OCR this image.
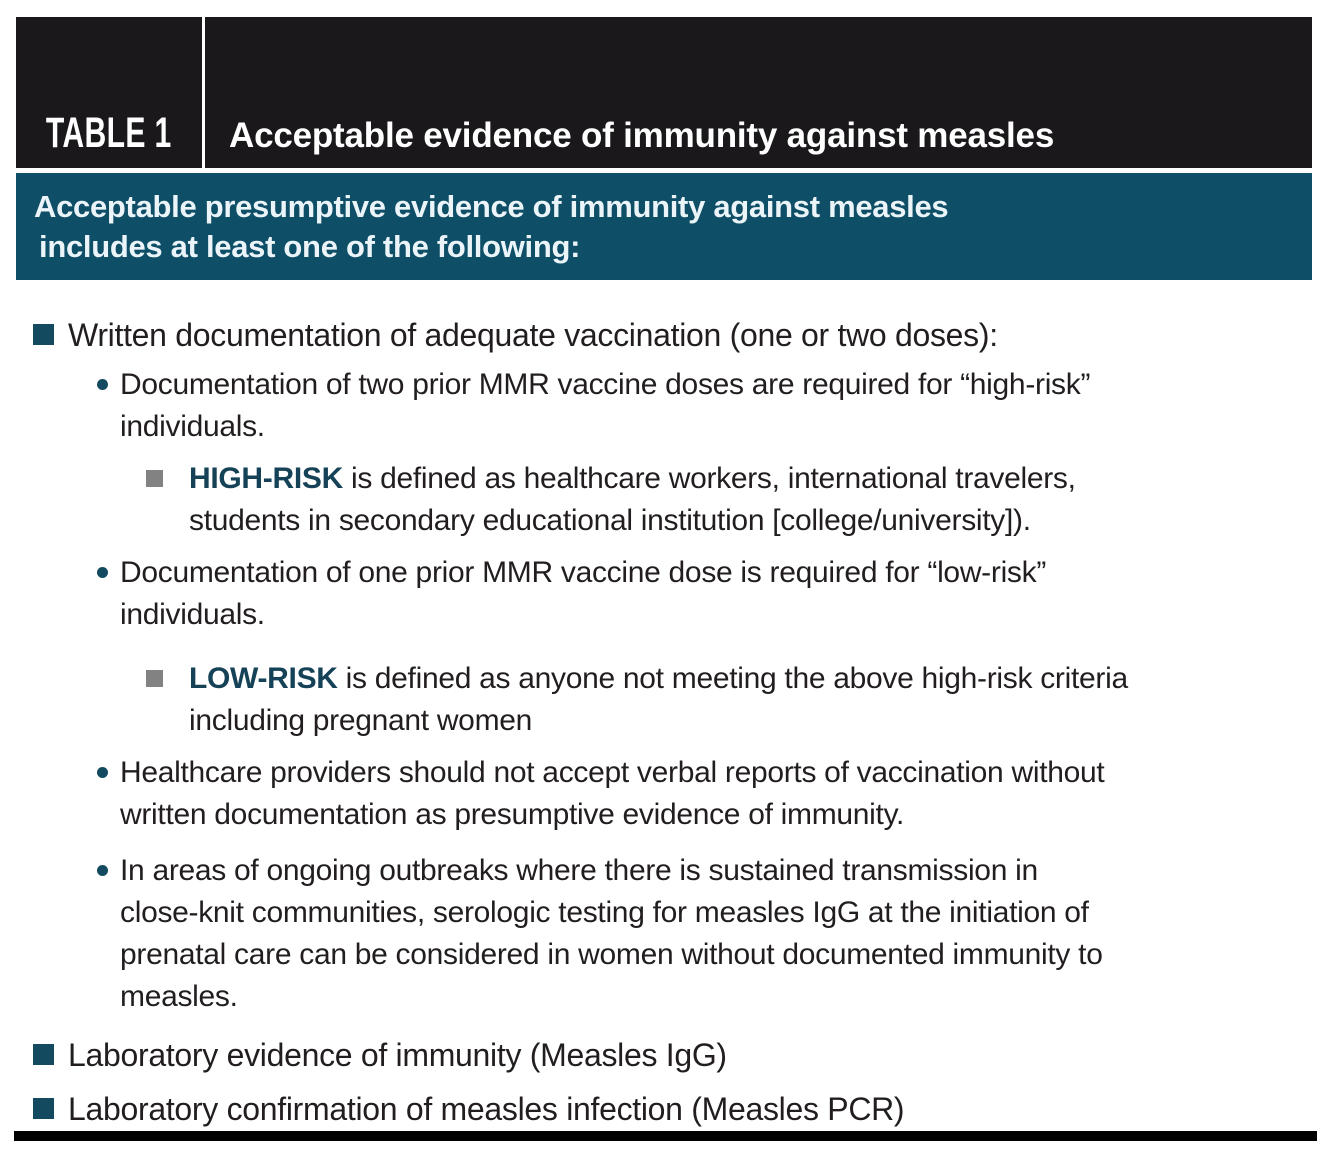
TABLE 1	Acceptable evidence of immunity against measles
Acceptable presumptive evidence of immunity against measles
includes at least one of the following:
Written documentation of adequate vaccination (one or two doses):
Documentation of two prior MMR vaccine doses are required for “high-risk”
individuals.
HIGH-RISK is defined as healthcare workers, international travelers,
students in secondary educational institution [college/university]).
Documentation of one prior MMR vaccine dose is required for “low-risk”
individuals.
LOW-RISK is defined as anyone not meeting the above high-risk criteria
including pregnant women
Healthcare providers should not accept verbal reports of vaccination without
written documentation as presumptive evidence of immunity.
In areas of ongoing outbreaks where there is sustained transmission in
close-knit communities, serologic testing for measles IgG at the initiation of
prenatal care can be considered in women without documented immunity to
measles.
Laboratory evidence of immunity (Measles IgG)
Laboratory confirmation of measles infection (Measles PCR)
